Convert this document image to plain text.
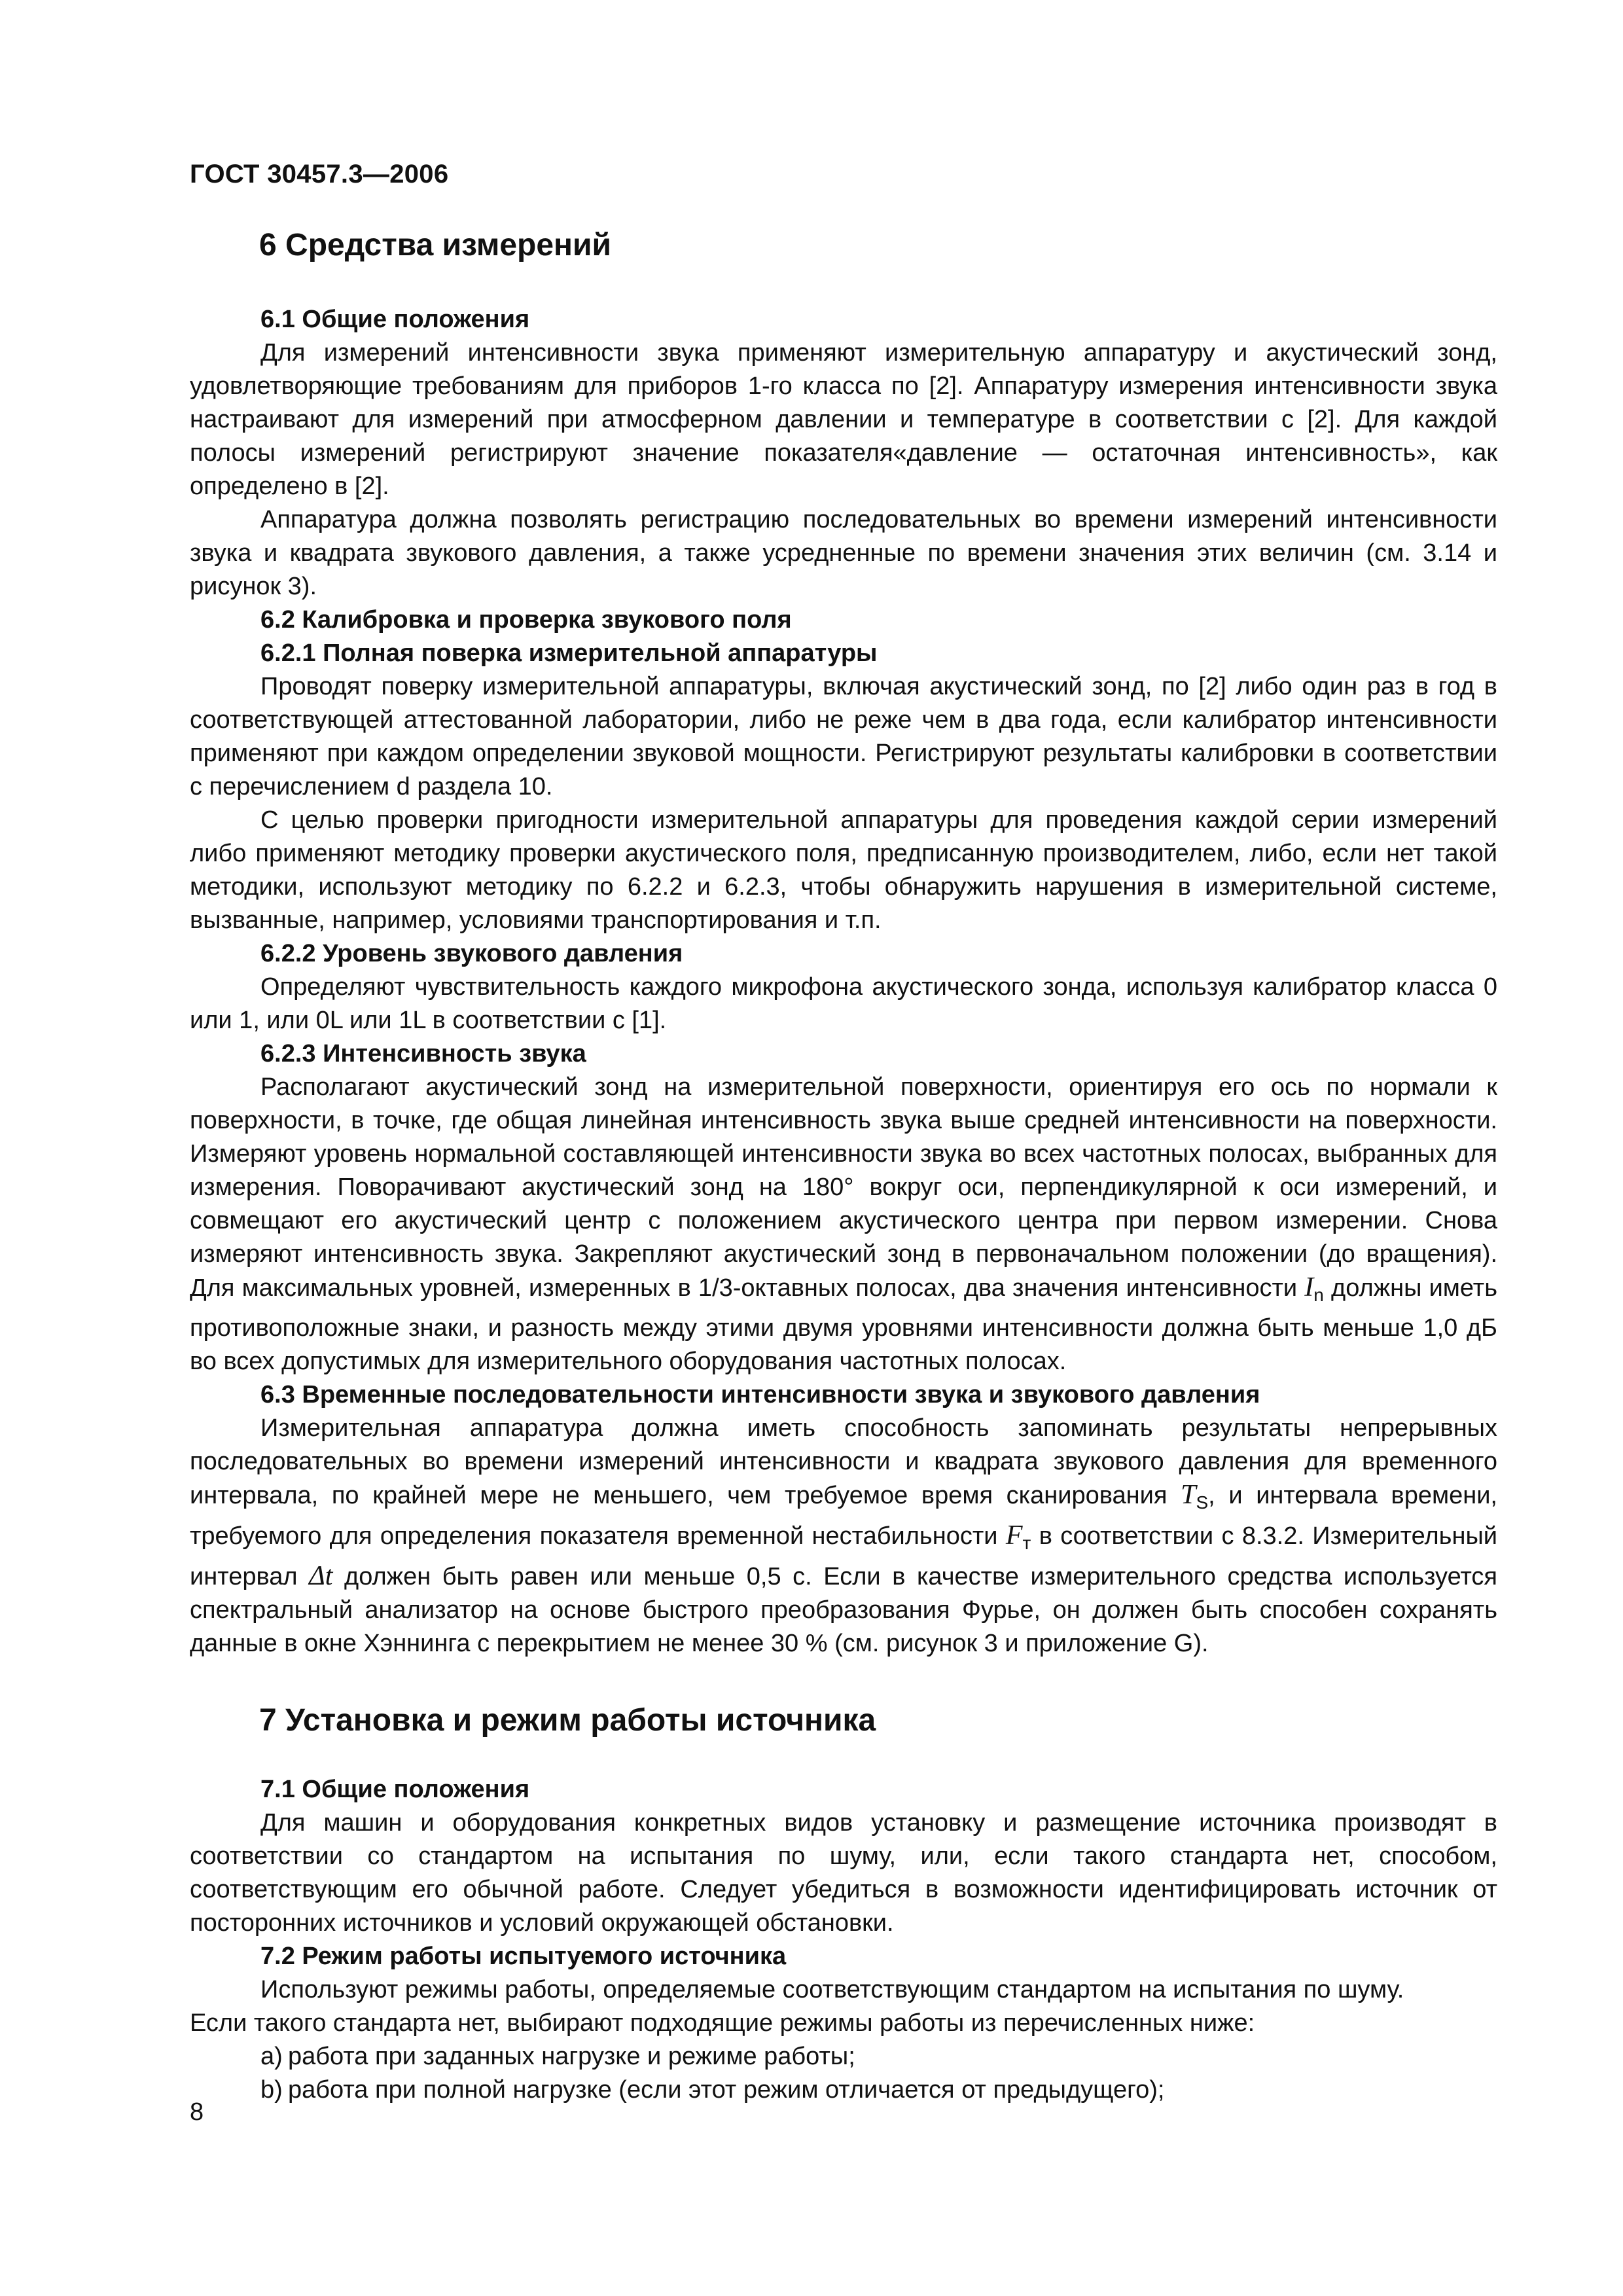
ГОСТ 30457.3—2006
6 Средства измерений
6.1 Общие положения

Для измерений интенсивности звука применяют измерительную аппаратуру и акустический зонд, удовлетворяющие требованиям для приборов 1-го класса по [2]. Аппаратуру измерения интенсивности звука настраивают для измерений при атмосферном давлении и температуре в соответствии с [2]. Для каждой полосы измерений регистрируют значение показателя«давление — остаточная интенсивность», как определено в [2].

Аппаратура должна позволять регистрацию последовательных во времени измерений интенсивности звука и квадрата звукового давления, а также усредненные по времени значения этих величин (см. 3.14 и рисунок 3).

6.2 Калибровка и проверка звукового поля
6.2.1 Полная поверка измерительной аппаратуры

Проводят поверку измерительной аппаратуры, включая акустический зонд, по [2] либо один раз в год в соответствующей аттестованной лаборатории, либо не реже чем в два года, если калибратор интенсивности применяют при каждом определении звуковой мощности. Регистрируют результаты калибровки в соответствии с перечислением d раздела 10.

С целью проверки пригодности измерительной аппаратуры для проведения каждой серии измерений либо применяют методику проверки акустического поля, предписанную производителем, либо, если нет такой методики, используют методику по 6.2.2 и 6.2.3, чтобы обнаружить нарушения в измерительной системе, вызванные, например, условиями транспортирования и т.п.

6.2.2 Уровень звукового давления

Определяют чувствительность каждого микрофона акустического зонда, используя калибратор класса 0 или 1, или 0L или 1L в соответствии с [1].

6.2.3 Интенсивность звука

Располагают акустический зонд на измерительной поверхности, ориентируя его ось по нормали к поверхности, в точке, где общая линейная интенсивность звука выше средней интенсивности на поверхности. Измеряют уровень нормальной составляющей интенсивности звука во всех частотных полосах, выбранных для измерения. Поворачивают акустический зонд на 180° вокруг оси, перпендикулярной к оси измерений, и совмещают его акустический центр с положением акустического центра при первом измерении. Снова измеряют интенсивность звука. Закрепляют акустический зонд в первоначальном положении (до вращения). Для максимальных уровней, измеренных в 1/3-октавных полосах, два значения интенсивности $I_n$ должны иметь противоположные знаки, и разность между этими двумя уровнями интенсивности должна быть меньше 1,0 дБ во всех допустимых для измерительного оборудования частотных полосах.

6.3 Временные последовательности интенсивности звука и звукового давления

Измерительная аппаратура должна иметь способность запоминать результаты непрерывных последовательных во времени измерений интенсивности и квадрата звукового давления для временного интервала, по крайней мере не меньшего, чем требуемое время сканирования $T_S$, и интервала времени, требуемого для определения показателя временной нестабильности $F_т$ в соответствии с 8.3.2. Измерительный интервал Δt должен быть равен или меньше 0,5 с. Если в качестве измерительного средства используется спектральный анализатор на основе быстрого преобразования Фурье, он должен быть способен сохранять данные в окне Хэннинга с перекрытием не менее 30 % (см. рисунок 3 и приложение G).

7 Установка и режим работы источника
7.1 Общие положения

Для машин и оборудования конкретных видов установку и размещение источника производят в соответствии со стандартом на испытания по шуму, или, если такого стандарта нет, способом, соответствующим его обычной работе. Следует убедиться в возможности идентифицировать источник от посторонних источников и условий окружающей обстановки.

7.2 Режим работы испытуемого источника

Используют режимы работы, определяемые соответствующим стандартом на испытания по шуму.

Если такого стандарта нет, выбирают подходящие режимы работы из перечисленных ниже:

a) работа при заданных нагрузке и режиме работы;

b) работа при полной нагрузке (если этот режим отличается от предыдущего);

8
